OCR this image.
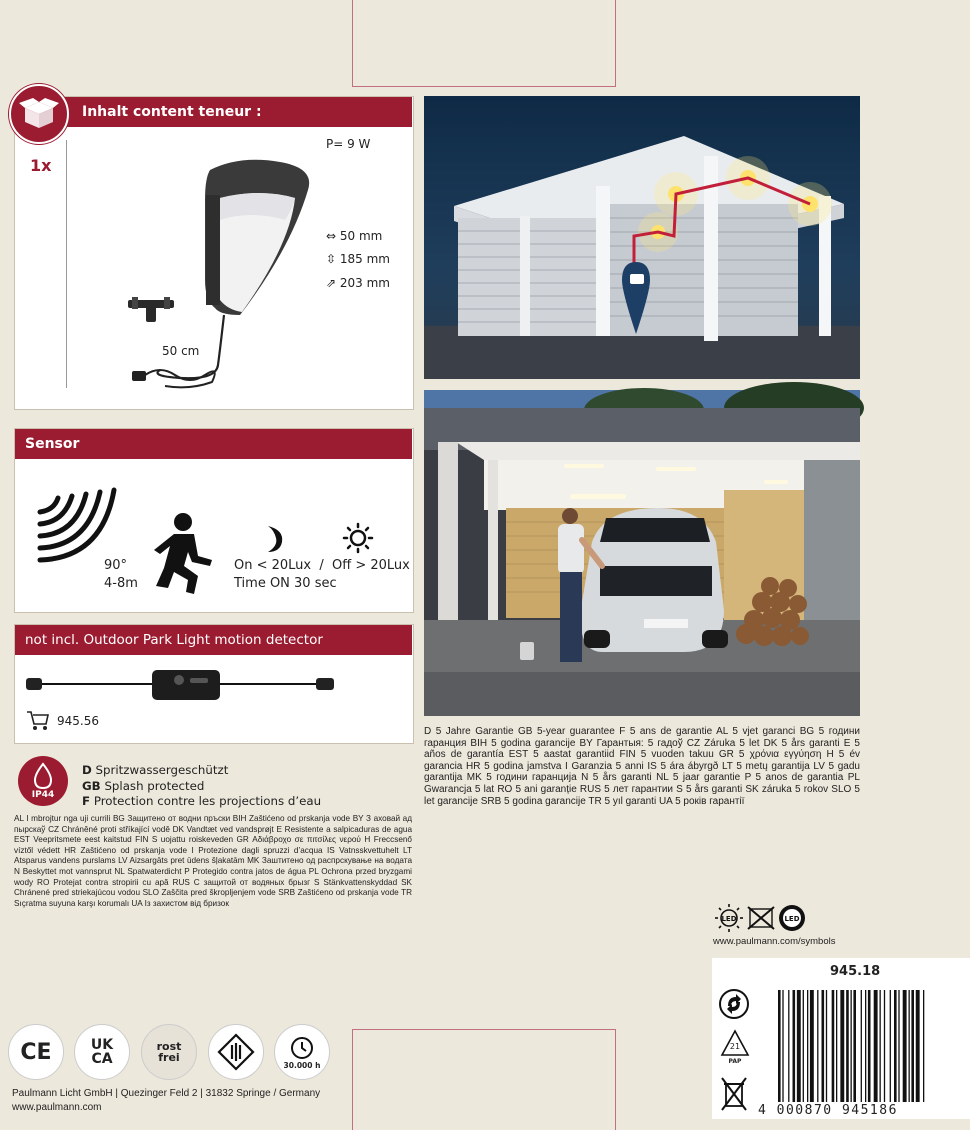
Inhalt content teneur :
1x
P= 9 W
50 cm
⇔ 50 mm
⇳ 185 mm
⇗ 203 mm
Sensor
90°
4-8m
On < 20Lux  /  Off > 20Lux
Time ON 30 sec
not incl. Outdoor Park Light motion detector
945.56
IP44
D Spritzwassergeschützt
GB Splash protected
F Protection contre les projections d’eau
AL I mbrojtur nga uji currili BG Защитено от водни пръски BIH Zaštićeno od prskanja vode BY З аховай ад пырскаў CZ Chráněné proti stříkající vodě DK Vandtæt ved vandsprøjt E Resistente a salpicaduras de agua EST Veepritsmete eest kaitstud FIN S uojattu roiskeveden GR Αδιάβροχο σε πιτσίλες νερού H Freccsenő víztől védett HR Zaštićeno od prskanja vode I Protezione dagli spruzzi d’acqua IS Vatnsskvettuhelt LT Atsparus vandens purslams LV Aizsargāts pret ūdens šļakatām MK Заштитено од распрскување на водата N Beskyttet mot vannsprut NL Spatwaterdicht P Protegido contra jatos de água PL Ochrona przed bryzgami wody RO Protejat contra stropirii cu apă RUS С защитой от водяных брызг S Stänkvattenskyddad SK Chránené pred striekajúcou vodou SLO Zaščita pred škropljenjem vode SRB Zaštićeno od prskanja vode TR Sıçratma suyuna karşı korumalı UA Із захистом від бризок
D 5 Jahre Garantie GB 5-year guarantee F 5 ans de garantie AL 5 vjet garanci BG 5 години гаранция BIH 5 godina garancije BY Гарантыя: 5 гадоў CZ Záruka 5 let DK 5 års garanti E 5 años de garantía EST 5 aastat garantiid FIN 5 vuoden takuu GR 5 χρόνια εγγύηση H 5 év garancia HR 5 godina jamstva I Garanzia 5 anni IS 5 ára ábyrgð LT 5 metų garantija LV 5 gadu garantija MK 5 години гаранција N 5 års garanti NL 5 jaar garantie P 5 anos de garantia PL Gwarancja 5 lat RO 5 ani garanție RUS 5 лет гарантии S 5 års garanti SK záruka 5 rokov SLO 5 let garancije SRB 5 godina garancije TR 5 yıl garanti UA 5 років гарантії
LED	LED
www.paulmann.com/symbols
945.18
21
PAP
4 000870 945186
CE	UK
CA
rost
frei
30.000 h
Paulmann Licht GmbH | Quezinger Feld 2 | 31832 Springe / Germany
www.paulmann.com
